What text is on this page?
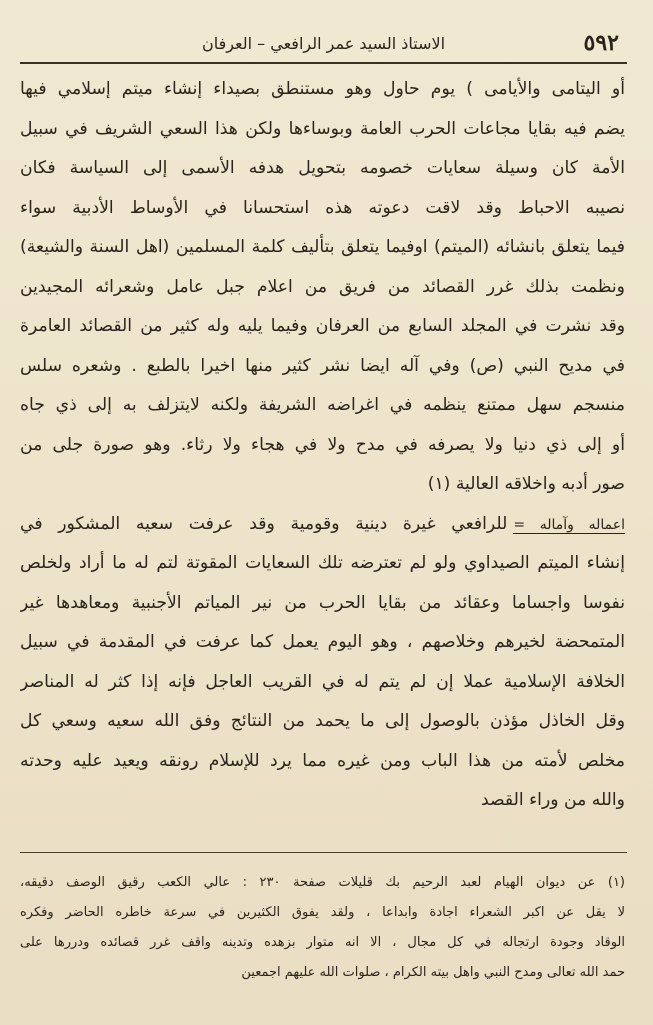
٥٩٢
الاستاذ السيد عمر الرافعي – العرفان
أو اليتامى والأيامى ) يوم حاول وهو مستنطق بصيداء إنشاء ميتم إسلامي فيها
يضم فيه بقايا مجاعات الحرب العامة وبوساءها ولكن هذا السعي الشريف في سبيل
الأمة كان وسيلة سعايات خصومه بتحويل هدفه الأسمى إلى السياسة فكان
نصيبه الاحباط وقد لاقت دعوته هذه استحسانا في الأوساط الأدبية سواء
فيما يتعلق بانشائه (الميتم) اوفيما يتعلق بتأليف كلمة المسلمين (اهل السنة والشيعة)
ونظمت بذلك غرر القصائد من فريق من اعلام جبل عامل وشعرائه المجيدين
وقد نشرت في المجلد السابع من العرفان وفيما يليه وله كثير من القصائد العامرة
في مديح النبي (ص) وفي آله ايضا نشر كثير منها اخيرا بالطبع . وشعره سلس
منسجم سهل ممتنع ينظمه في اغراضه الشريفة ولكنه لايتزلف به إلى ذي جاه
أو إلى ذي دنيا ولا يصرفه في مدح ولا في هجاء ولا رثاء. وهو صورة جلى من
صور أدبه واخلاقه العالية (١)
اعماله وآماله =للرافعي غيرة دينية وقومية وقد عرفت سعيه المشكور في
إنشاء الميتم الصيداوي ولو لم تعترضه تلك السعايات المقوتة لتم له ما أراد ولخلص
نفوسا واجساما وعقائد من بقايا الحرب من نير المياتم الأجنبية ومعاهدها غير
المتمحضة لخيرهم وخلاصهم ، وهو اليوم يعمل كما عرفت في المقدمة في سبيل
الخلافة الإسلامية عملا إن لم يتم له في القريب العاجل فإنه إذا كثر له المناصر
وقل الخاذل مؤذن بالوصول إلى ما يحمد من النتائج وفق الله سعيه وسعي كل
مخلص لأمته من هذا الباب ومن غيره مما يرد للإسلام رونقه ويعيد عليه وحدته
والله من وراء القصد
(١) عن ديوان الهيام لعبد الرحيم بك قليلات صفحة ٢٣٠ : عالي الكعب رقيق الوصف دقيقه،
لا يقل عن اكبر الشعراء اجادة وابداعا ، ولقد يفوق الكثيرين في سرعة خاطره الحاضر وفكره
الوقاد وجودة ارتجاله في كل مجال ، الا انه متوار بزهده وتدينه واقف غرر قصائده ودررها على
حمد الله تعالى ومدح النبي واهل بيته الكرام ، صلوات الله عليهم اجمعين
